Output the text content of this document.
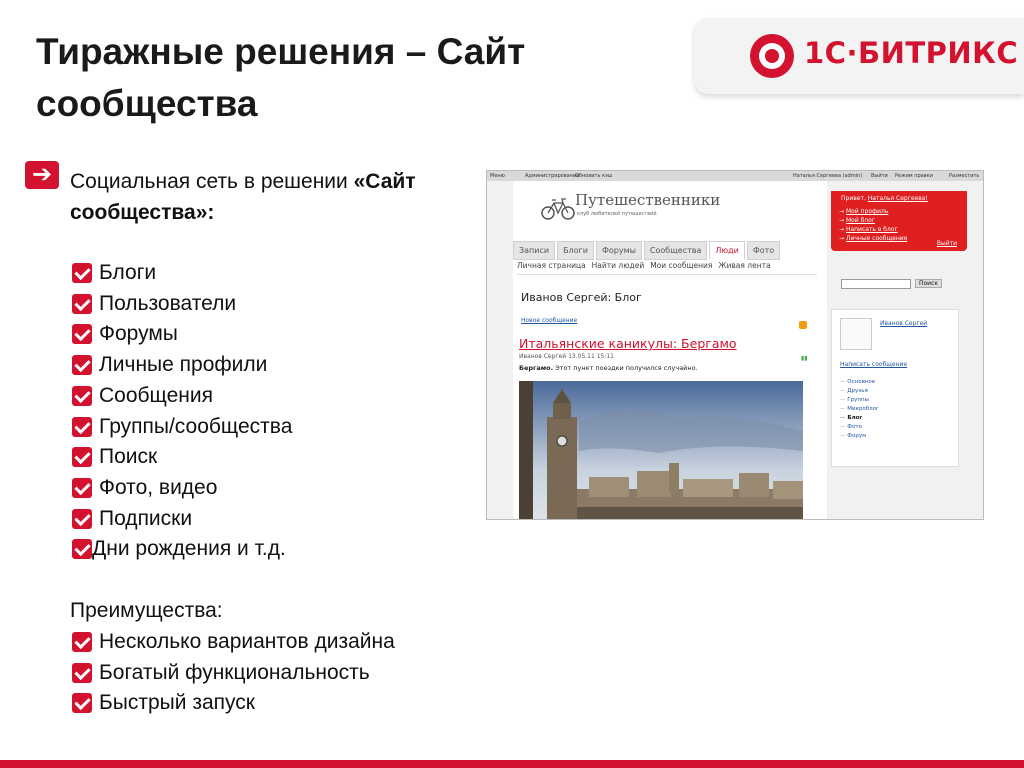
Тиражные решения – Сайт
сообщества
1С·БИТРИКС
➔ Социальная сеть в решении «Сайт сообщества»:
Блоги
Пользователи
Форумы
Личные профили
Сообщения
Группы/сообщества
Поиск
Фото, видео
Подписки
Дни рождения и т.д.
Преимущества:
Несколько вариантов дизайна
Богатый функциональность
Быстрый запуск
Меню	Администрирование
Обновить кэш	Наталья Сергеева (admin) Выйти Режим правки	Разместить
Путешественники
клуб любителей путешествий
Записи	Блоги	Форумы	Сообщества	Люди	Фото
Личная страница Найти людей Мои сообщения Живая лента
Иванов Сергей: Блог
Новое сообщение
Итальянские каникулы: Бергамо
Иванов Сергей 13.05.11 15:11	▮▮
Бергамо. Этот пункт поездки получился случайно.
Привет, Наталья Сергеева!
→ Мой профиль
→ Мой блог
→ Написать в блог
→ Личные сообщения
Выйти
Поиск
Иванов Сергей
Написать сообщение
— Основное
— Друзья
— Группы
— Микроблог
— Блог
— Фото
— Форум
